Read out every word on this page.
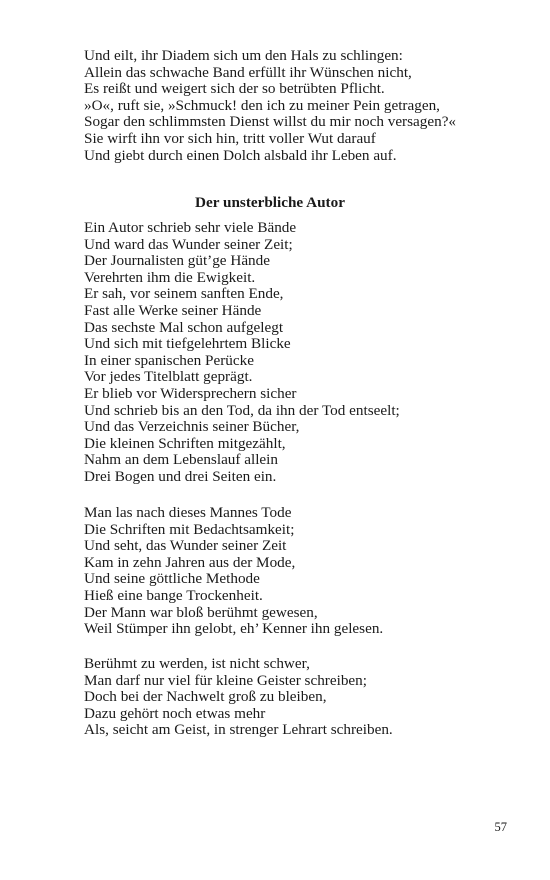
Und eilt, ihr Diadem sich um den Hals zu schlingen:
Allein das schwache Band erfüllt ihr Wünschen nicht,
Es reißt und weigert sich der so betrübten Pflicht.
»O«, ruft sie, »Schmuck! den ich zu meiner Pein getragen,
Sogar den schlimmsten Dienst willst du mir noch versagen?«
Sie wirft ihn vor sich hin, tritt voller Wut darauf
Und giebt durch einen Dolch alsbald ihr Leben auf.
Der unsterbliche Autor
Ein Autor schrieb sehr viele Bände
Und ward das Wunder seiner Zeit;
Der Journalisten güt’ge Hände
Verehrten ihm die Ewigkeit.
Er sah, vor seinem sanften Ende,
Fast alle Werke seiner Hände
Das sechste Mal schon aufgelegt
Und sich mit tiefgelehrtem Blicke
In einer spanischen Perücke
Vor jedes Titelblatt geprägt.
Er blieb vor Widersprechern sicher
Und schrieb bis an den Tod, da ihn der Tod entseelt;
Und das Verzeichnis seiner Bücher,
Die kleinen Schriften mitgezählt,
Nahm an dem Lebenslauf allein
Drei Bogen und drei Seiten ein.
Man las nach dieses Mannes Tode
Die Schriften mit Bedachtsamkeit;
Und seht, das Wunder seiner Zeit
Kam in zehn Jahren aus der Mode,
Und seine göttliche Methode
Hieß eine bange Trockenheit.
Der Mann war bloß berühmt gewesen,
Weil Stümper ihn gelobt, eh’ Kenner ihn gelesen.
Berühmt zu werden, ist nicht schwer,
Man darf nur viel für kleine Geister schreiben;
Doch bei der Nachwelt groß zu bleiben,
Dazu gehört noch etwas mehr
Als, seicht am Geist, in strenger Lehrart schreiben.
57
